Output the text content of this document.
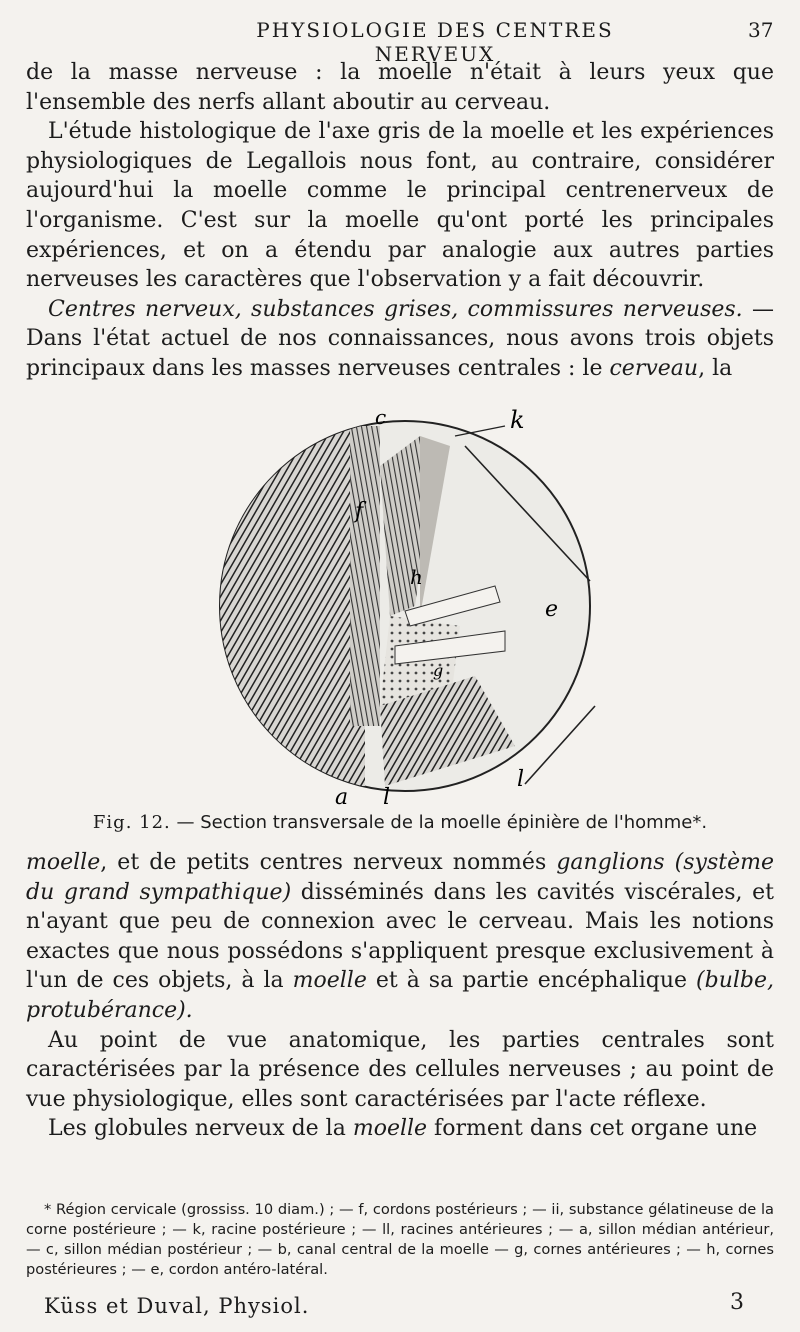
PHYSIOLOGIE DES CENTRES NERVEUX
37

de la masse nerveuse : la moelle n'était à leurs yeux que l'ensemble des nerfs allant aboutir au cerveau.

L'étude histologique de l'axe gris de la moelle et les expériences physiologiques de Legallois nous font, au contraire, considérer aujourd'hui la moelle comme le principal centrenerveux de l'organisme. C'est sur la moelle qu'ont porté les principales expériences, et on a étendu par analogie aux autres parties nerveuses les caractères que l'observation y a fait découvrir.

Centres nerveux, substances grises, commissures nerveuses. — Dans l'état actuel de nos connaissances, nous avons trois objets principaux dans les masses nerveuses centrales : le cerveau, la

c	k
f
h
e
g
a l
l
Fig. 12. — Section transversale de la moelle épinière de l'homme*.

moelle, et de petits centres nerveux nommés ganglions (système du grand sympathique) disséminés dans les cavités viscérales, et n'ayant que peu de connexion avec le cerveau. Mais les notions exactes que nous possédons s'appliquent presque exclusivement à l'un de ces objets, à la moelle et à sa partie encéphalique (bulbe, protubérance).

Au point de vue anatomique, les parties centrales sont caractérisées par la présence des cellules nerveuses ; au point de vue physiologique, elles sont caractérisées par l'acte réflexe.

Les globules nerveux de la moelle forment dans cet organe une

* Région cervicale (grossiss. 10 diam.) ; — f, cordons postérieurs ; — ii, substance gélatineuse de la corne postérieure ; — k, racine postérieure ; — ll, racines antérieures ; — a, sillon médian antérieur, — c, sillon médian postérieur ; — b, canal central de la moelle — g, cornes antérieures ; — h, cornes postérieures ; — e, cordon antéro-latéral.

Küss et Duval, Physiol.	3
